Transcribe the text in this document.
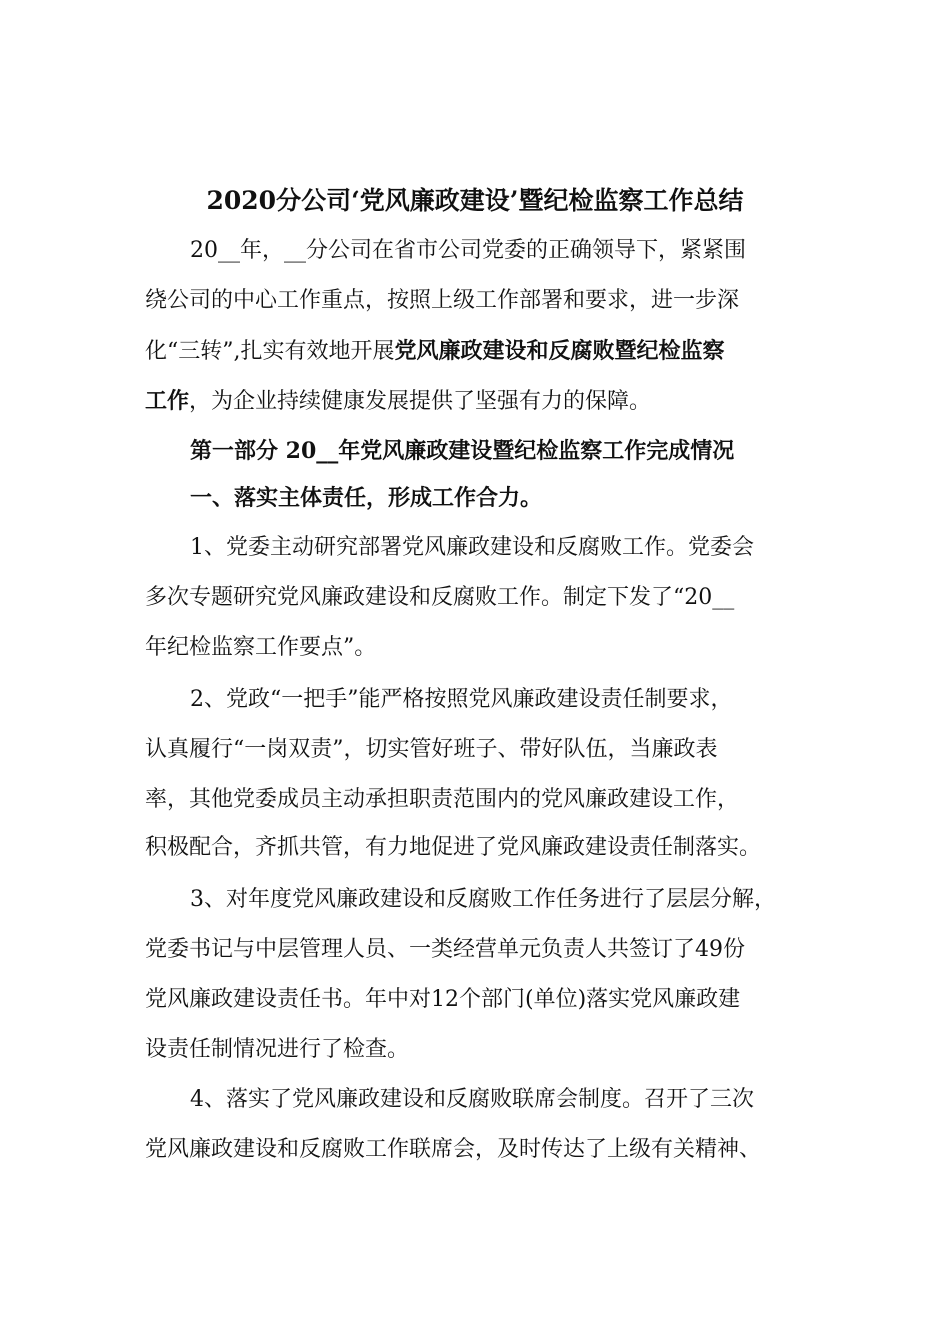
2020分公司‘党风廉政建设’暨纪检监察工作总结
20__年，__分公司在省市公司党委的正确领导下，紧紧围
绕公司的中心工作重点，按照上级工作部署和要求，进一步深
化“三转”,扎实有效地开展党风廉政建设和反腐败暨纪检监察
工作，为企业持续健康发展提供了坚强有力的保障。
第一部分 20__年党风廉政建设暨纪检监察工作完成情况
一、落实主体责任，形成工作合力。
1、党委主动研究部署党风廉政建设和反腐败工作。党委会
多次专题研究党风廉政建设和反腐败工作。制定下发了“20__
年纪检监察工作要点”。
2、党政“一把手”能严格按照党风廉政建设责任制要求，
认真履行“一岗双责”，切实管好班子、带好队伍，当廉政表
率，其他党委成员主动承担职责范围内的党风廉政建设工作，
积极配合，齐抓共管，有力地促进了党风廉政建设责任制落实。
3、对年度党风廉政建设和反腐败工作任务进行了层层分解，
党委书记与中层管理人员、一类经营单元负责人共签订了49份
党风廉政建设责任书。年中对12个部门(单位)落实党风廉政建
设责任制情况进行了检查。
4、落实了党风廉政建设和反腐败联席会制度。召开了三次
党风廉政建设和反腐败工作联席会，及时传达了上级有关精神、
